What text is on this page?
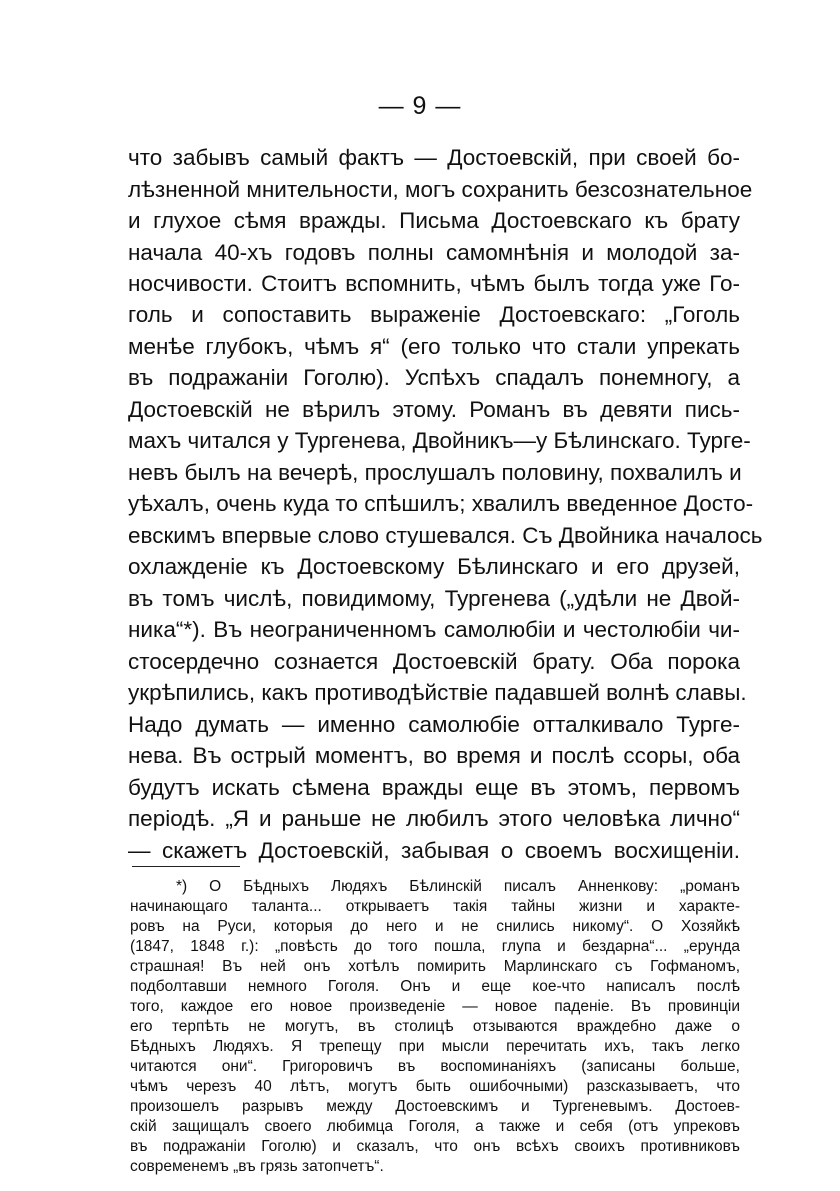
— 9 —
что забывъ самый фактъ — Достоевскій, при своей бо-
лѣзненной мнительности, могъ сохранить безсознательное
и глухое сѣмя вражды. Письма Достоевскаго къ брату
начала 40-хъ годовъ полны самомнѣнія и молодой за-
носчивости. Стоитъ вспомнить, чѣмъ былъ тогда уже Го-
голь и сопоставить выраженіе Достоевскаго: „Гоголь
менѣе глубокъ, чѣмъ я“ (его только что стали упрекать
въ подражаніи Гоголю). Успѣхъ спадалъ понемногу, а
Достоевскій не вѣрилъ этому. Романъ въ девяти пись-
махъ читался у Тургенева, Двойникъ—у Бѣлинскаго. Турге-
невъ былъ на вечерѣ, прослушалъ половину, похвалилъ и
уѣхалъ, очень куда то спѣшилъ; хвалилъ введенное Досто-
евскимъ впервые слово стушевался. Съ Двойника началось
охлажденіе къ Достоевскому Бѣлинскаго и его друзей,
въ томъ числѣ, повидимому, Тургенева („удѣли не Двой-
ника“*). Въ неограниченномъ самолюбіи и честолюбіи чи-
стосердечно сознается Достоевскій брату. Оба порока
укрѣпились, какъ противодѣйствіе падавшей волнѣ славы.
Надо думать — именно самолюбіе отталкивало Турге-
нева. Въ острый моментъ, во время и послѣ ссоры, оба
будутъ искать сѣмена вражды еще въ этомъ, первомъ
періодѣ. „Я и раньше не любилъ этого человѣка лично“
— скажетъ Достоевскій, забывая о своемъ восхищеніи.
*) О Бѣдныхъ Людяхъ Бѣлинскій писалъ Анненкову: „романъ
начинающаго таланта... открываетъ такія тайны жизни и характе-
ровъ на Руси, которыя до него и не снились никому“. О Хозяйкѣ
(1847, 1848 г.): „повѣсть до того пошла, глупа и бездарна“... „ерунда
страшная! Въ ней онъ хотѣлъ помирить Марлинскаго съ Гофманомъ,
подболтавши немного Гоголя. Онъ и еще кое-что написалъ послѣ
того, каждое его новое произведеніе — новое паденіе. Въ провинціи
его терпѣть не могутъ, въ столицѣ отзываются враждебно даже о
Бѣдныхъ Людяхъ. Я трепещу при мысли перечитать ихъ, такъ легко
читаются они“. Григоровичъ въ воспоминаніяхъ (записаны больше,
чѣмъ черезъ 40 лѣтъ, могутъ быть ошибочными) разсказываетъ, что
произошелъ разрывъ между Достоевскимъ и Тургеневымъ. Достоев-
скій защищалъ своего любимца Гоголя, а также и себя (отъ упрековъ
въ подражаніи Гоголю) и сказалъ, что онъ всѣхъ своихъ противниковъ
современемъ „въ грязь затопчетъ“.
